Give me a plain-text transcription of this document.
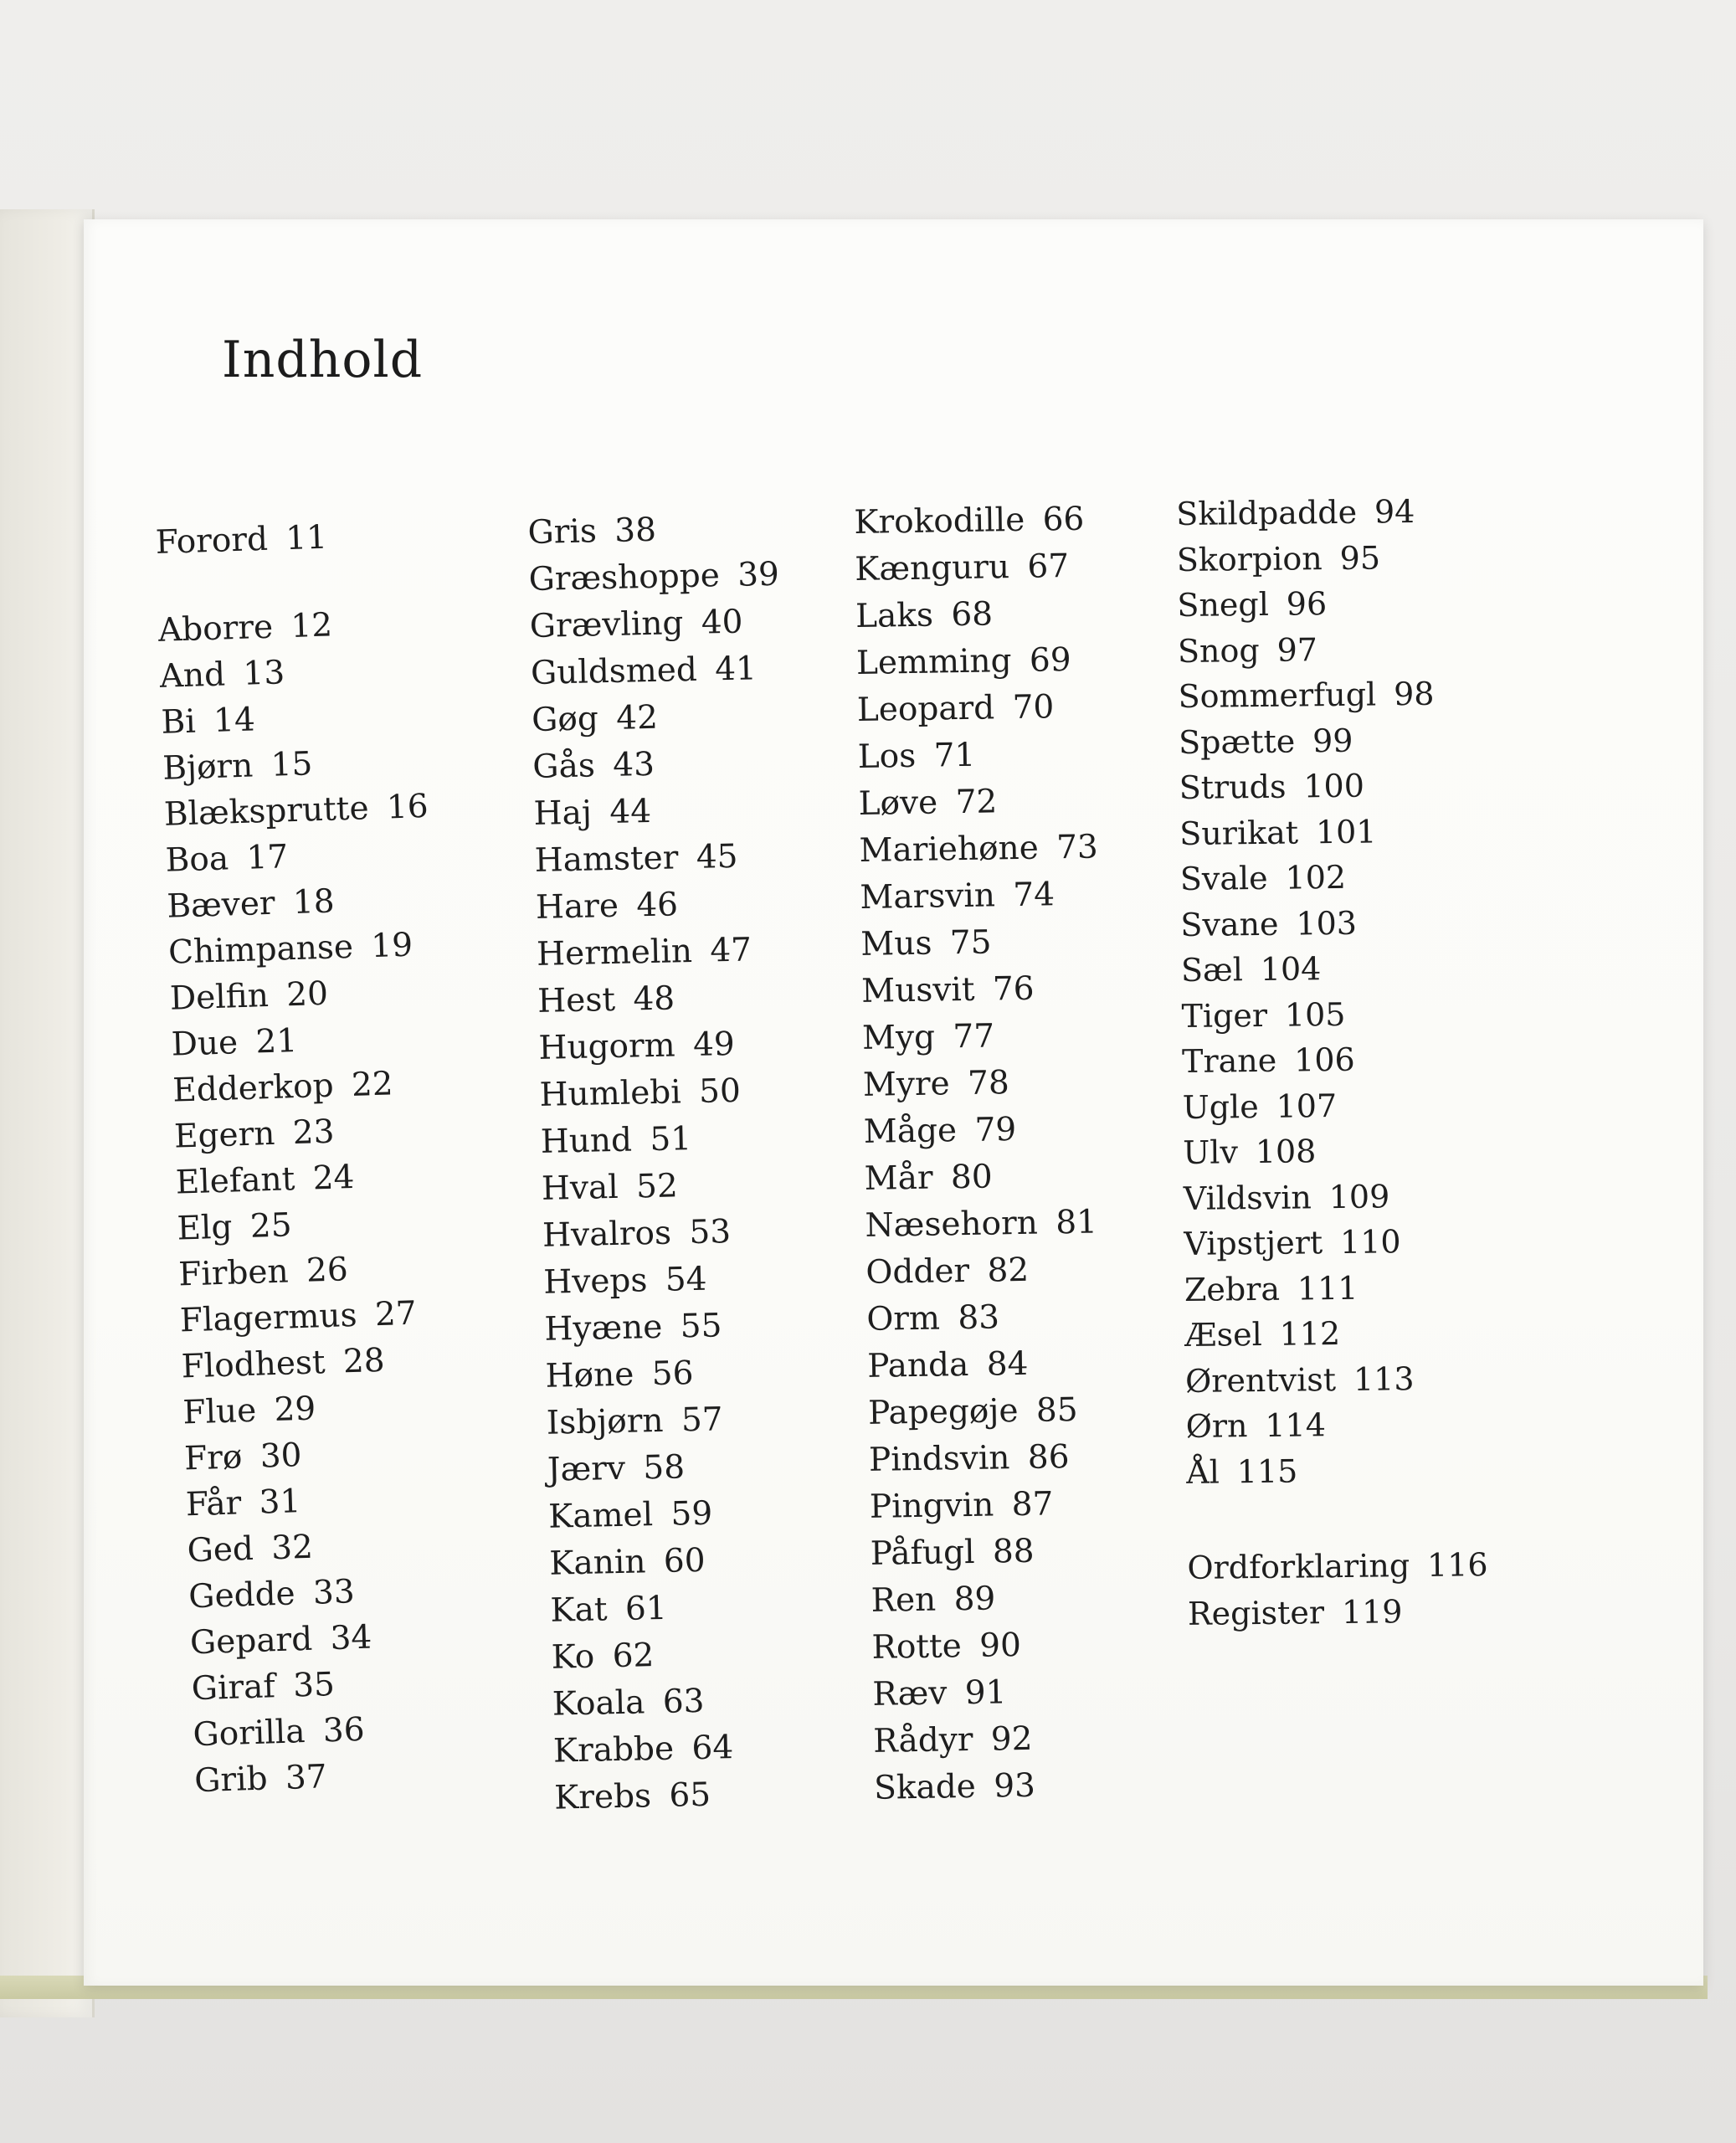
Indhold
Forord 11
Aborre 12
And 13
Bi 14
Bjørn 15
Blæksprutte 16
Boa 17
Bæver 18
Chimpanse 19
Delfin 20
Due 21
Edderkop 22
Egern 23
Elefant 24
Elg 25
Firben 26
Flagermus 27
Flodhest 28
Flue 29
Frø 30
Får 31
Ged 32
Gedde 33
Gepard 34
Giraf 35
Gorilla 36
Grib 37
Gris 38
Græshoppe 39
Grævling 40
Guldsmed 41
Gøg 42
Gås 43
Haj 44
Hamster 45
Hare 46
Hermelin 47
Hest 48
Hugorm 49
Humlebi 50
Hund 51
Hval 52
Hvalros 53
Hveps 54
Hyæne 55
Høne 56
Isbjørn 57
Jærv 58
Kamel 59
Kanin 60
Kat 61
Ko 62
Koala 63
Krabbe 64
Krebs 65
Krokodille 66
Kænguru 67
Laks 68
Lemming 69
Leopard 70
Los 71
Løve 72
Mariehøne 73
Marsvin 74
Mus 75
Musvit 76
Myg 77
Myre 78
Måge 79
Mår 80
Næsehorn 81
Odder 82
Orm 83
Panda 84
Papegøje 85
Pindsvin 86
Pingvin 87
Påfugl 88
Ren 89
Rotte 90
Ræv 91
Rådyr 92
Skade 93
Skildpadde 94
Skorpion 95
Snegl 96
Snog 97
Sommerfugl 98
Spætte 99
Struds 100
Surikat 101
Svale 102
Svane 103
Sæl 104
Tiger 105
Trane 106
Ugle 107
Ulv 108
Vildsvin 109
Vipstjert 110
Zebra 111
Æsel 112
Ørentvist 113
Ørn 114
Ål 115
Ordforklaring 116
Register 119
